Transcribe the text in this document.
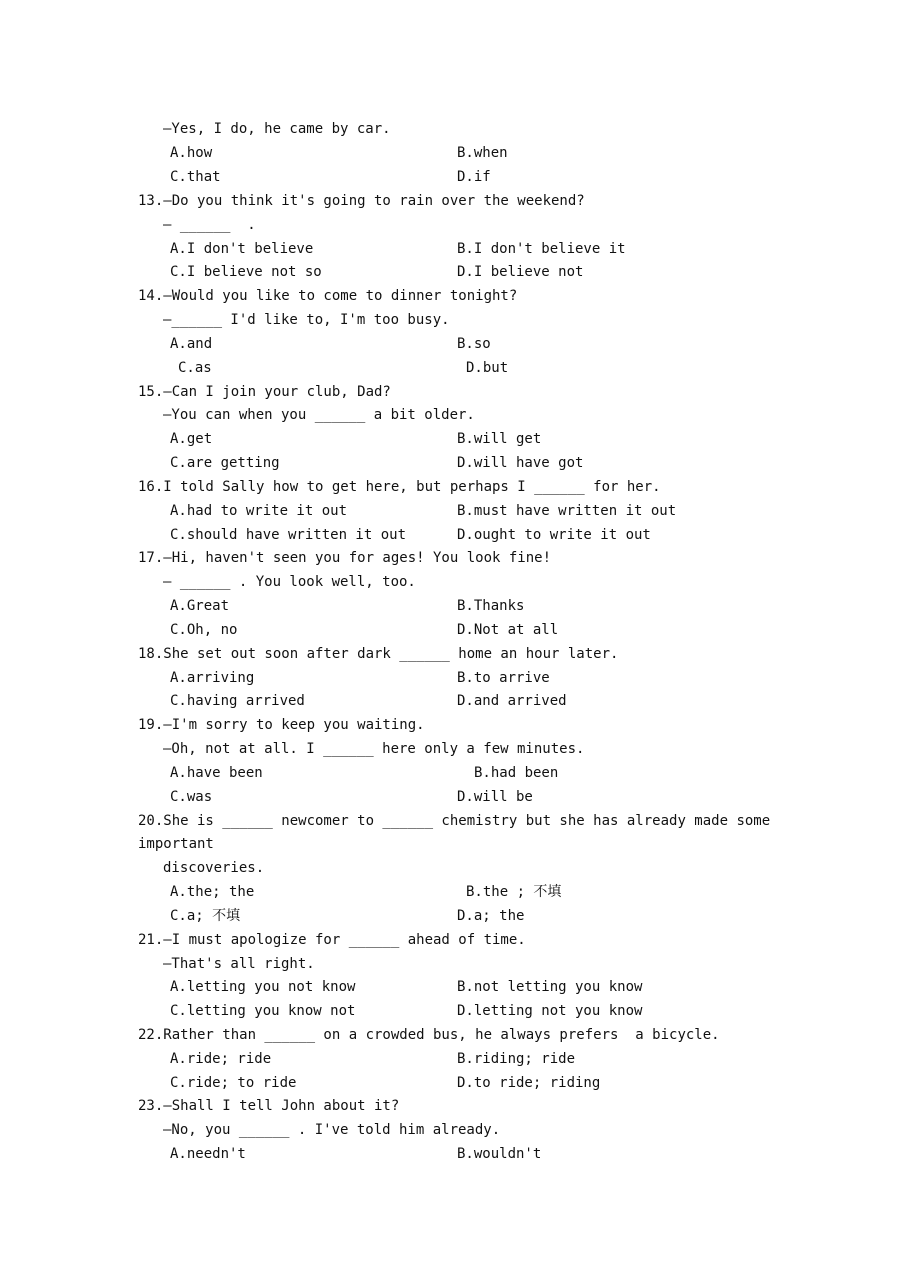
—Yes, I do, he came by car.
A.how	B.when
C.that	D.if
13.—Do you think it's going to rain over the weekend?
— ______  .
A.I don't believe	B.I don't believe it
C.I believe not so	D.I believe not
14.—Would you like to come to dinner tonight?
—______ I'd like to, I'm too busy.
A.and	B.so
C.as	D.but
15.—Can I join your club, Dad?
—You can when you ______ a bit older.
A.get	B.will get
C.are getting	D.will have got
16.I told Sally how to get here, but perhaps I ______ for her.
A.had to write it out	B.must have written it out
C.should have written it out	D.ought to write it out
17.—Hi, haven't seen you for ages! You look fine!
— ______ . You look well, too.
A.Great	B.Thanks
C.Oh, no	D.Not at all
18.She set out soon after dark ______ home an hour later.
A.arriving	B.to arrive
C.having arrived	D.and arrived
19.—I'm sorry to keep you waiting.
—Oh, not at all. I ______ here only a few minutes.
A.have been	B.had been
C.was	D.will be
20.She is ______ newcomer to ______ chemistry but she has already made some
important
discoveries.
A.the; the	B.the ; 不填
C.a; 不填	D.a; the
21.—I must apologize for ______ ahead of time.
—That's all right.
A.letting you not know	B.not letting you know
C.letting you know not	D.letting not you know
22.Rather than ______ on a crowded bus, he always prefers  a bicycle.
A.ride; ride	B.riding; ride
C.ride; to ride	D.to ride; riding
23.—Shall I tell John about it?
—No, you ______ . I've told him already.
A.needn't	B.wouldn't
